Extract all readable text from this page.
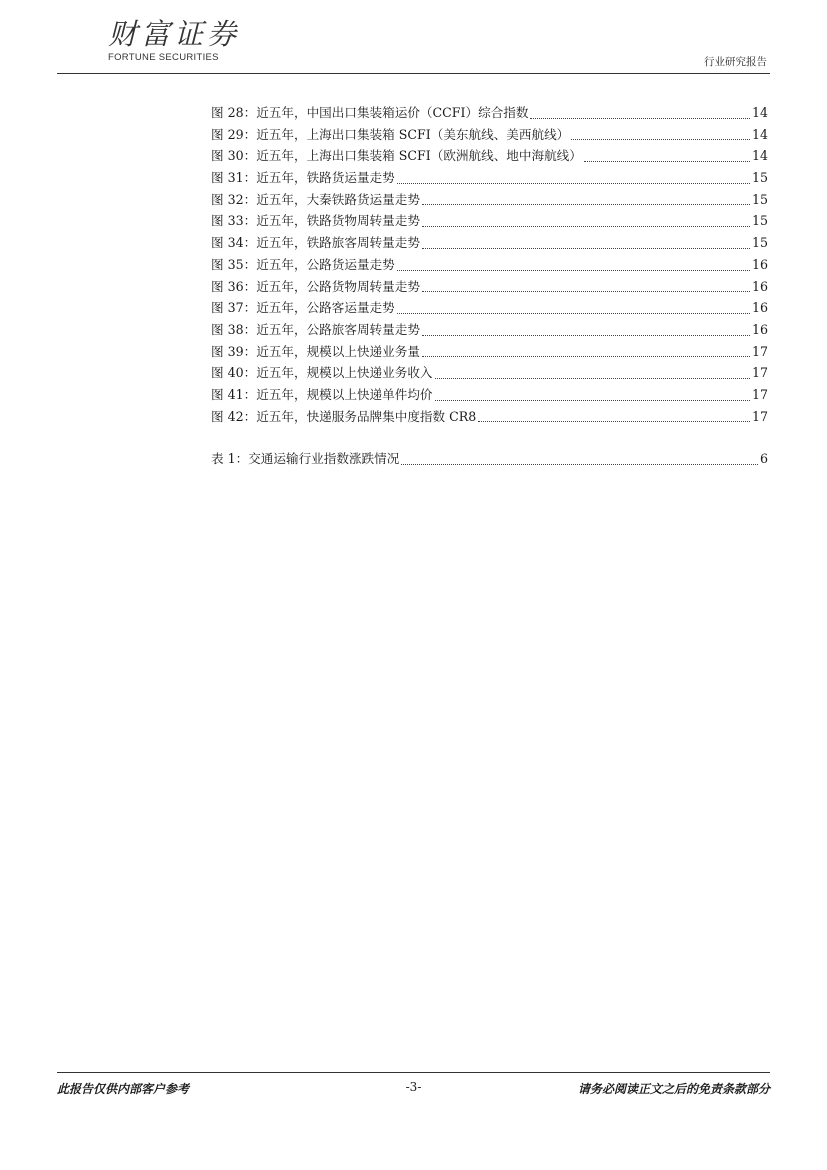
财富证券
FORTUNE SECURITIES	行业研究报告
图 28：近五年，中国出口集装箱运价（CCFI）综合指数	14
图 29：近五年，上海出口集装箱 SCFI（美东航线、美西航线）	14
图 30：近五年，上海出口集装箱 SCFI（欧洲航线、地中海航线）	14
图 31：近五年，铁路货运量走势	15
图 32：近五年，大秦铁路货运量走势	15
图 33：近五年，铁路货物周转量走势	15
图 34：近五年，铁路旅客周转量走势	15
图 35：近五年，公路货运量走势	16
图 36：近五年，公路货物周转量走势	16
图 37：近五年，公路客运量走势	16
图 38：近五年，公路旅客周转量走势	16
图 39：近五年，规模以上快递业务量	17
图 40：近五年，规模以上快递业务收入	17
图 41：近五年，规模以上快递单件均价	17
图 42：近五年，快递服务品牌集中度指数 CR8	17
表 1：交通运输行业指数涨跌情况	6
此报告仅供内部客户参考	-3-	请务必阅读正文之后的免责条款部分
